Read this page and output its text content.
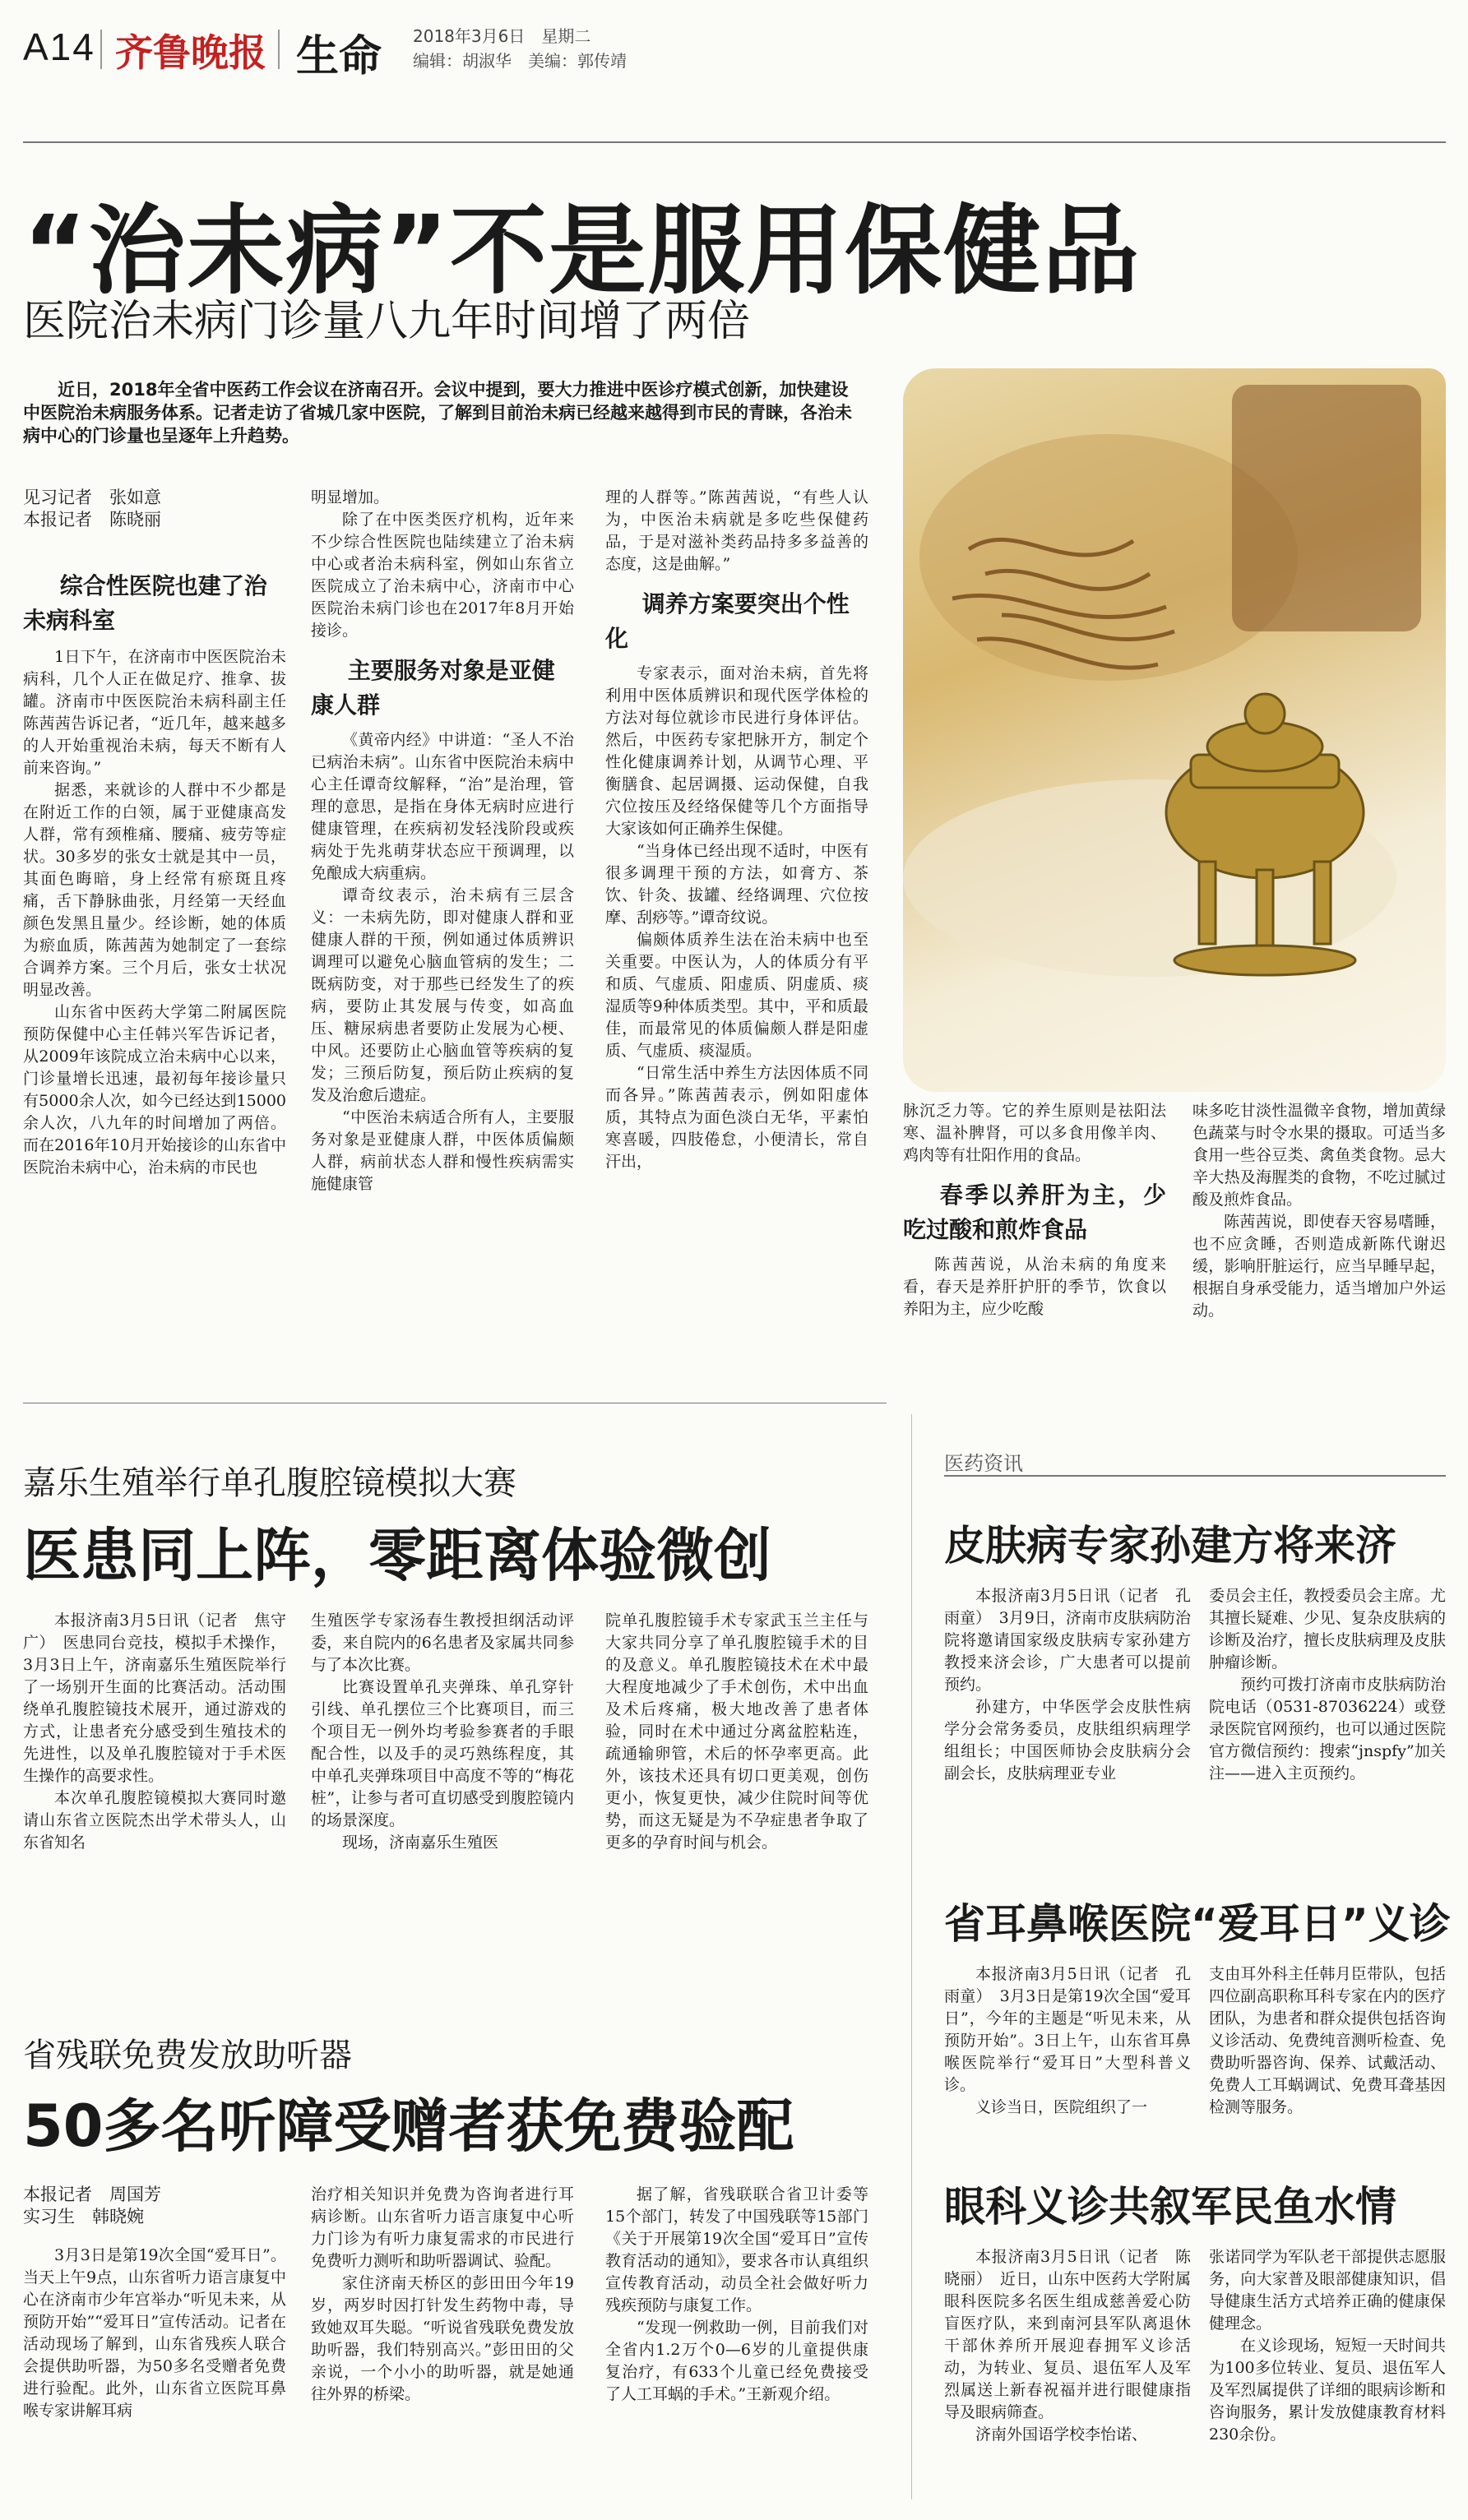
A14 齐鲁晚报 生命 2018年3月6日　星期二
编辑：胡淑华　美编：郭传靖
“治未病”不是服用保健品
医院治未病门诊量八九年时间增了两倍
近日，2018年全省中医药工作会议在济南召开。会议中提到，要大力推进中医诊疗模式创新，加快建设中医院治未病服务体系。记者走访了省城几家中医院，了解到目前治未病已经越来越得到市民的青睐，各治未病中心的门诊量也呈逐年上升趋势。
见习记者　张如意
本报记者　陈晓丽
综合性医院也建了治未病科室

1日下午，在济南市中医医院治未病科，几个人正在做足疗、推拿、拔罐。济南市中医医院治未病科副主任陈茜茜告诉记者，“近几年，越来越多的人开始重视治未病，每天不断有人前来咨询。”

据悉，来就诊的人群中不少都是在附近工作的白领，属于亚健康高发人群，常有颈椎痛、腰痛、疲劳等症状。30多岁的张女士就是其中一员，其面色晦暗，身上经常有瘀斑且疼痛，舌下静脉曲张，月经第一天经血颜色发黑且量少。经诊断，她的体质为瘀血质，陈茜茜为她制定了一套综合调养方案。三个月后，张女士状况明显改善。

山东省中医药大学第二附属医院预防保健中心主任韩兴军告诉记者，从2009年该院成立治未病中心以来，门诊量增长迅速，最初每年接诊量只有5000余人次，如今已经达到15000余人次，八九年的时间增加了两倍。而在2016年10月开始接诊的山东省中医院治未病中心，治未病的市民也

明显增加。

除了在中医类医疗机构，近年来不少综合性医院也陆续建立了治未病中心或者治未病科室，例如山东省立医院成立了治未病中心，济南市中心医院治未病门诊也在2017年8月开始接诊。

主要服务对象是亚健康人群

《黄帝内经》中讲道：“圣人不治已病治未病”。山东省中医院治未病中心主任谭奇纹解释，“治”是治理，管理的意思，是指在身体无病时应进行健康管理，在疾病初发轻浅阶段或疾病处于先兆萌芽状态应干预调理，以免酿成大病重病。

谭奇纹表示，治未病有三层含义：一未病先防，即对健康人群和亚健康人群的干预，例如通过体质辨识调理可以避免心脑血管病的发生；二既病防变，对于那些已经发生了的疾病，要防止其发展与传变，如高血压、糖尿病患者要防止发展为心梗、中风。还要防止心脑血管等疾病的复发；三预后防复，预后防止疾病的复发及治愈后遗症。

“中医治未病适合所有人，主要服务对象是亚健康人群，中医体质偏颇人群，病前状态人群和慢性疾病需实施健康管

理的人群等。”陈茜茜说，“有些人认为，中医治未病就是多吃些保健药品，于是对滋补类药品持多多益善的态度，这是曲解。”

调养方案要突出个性化

专家表示，面对治未病，首先将利用中医体质辨识和现代医学体检的方法对每位就诊市民进行身体评估。然后，中医药专家把脉开方，制定个性化健康调养计划，从调节心理、平衡膳食、起居调摄、运动保健，自我穴位按压及经络保健等几个方面指导大家该如何正确养生保健。

“当身体已经出现不适时，中医有很多调理干预的方法，如膏方、茶饮、针灸、拔罐、经络调理、穴位按摩、刮痧等。”谭奇纹说。

偏颇体质养生法在治未病中也至关重要。中医认为，人的体质分有平和质、气虚质、阳虚质、阴虚质、痰湿质等9种体质类型。其中，平和质最佳，而最常见的体质偏颇人群是阳虚质、气虚质、痰湿质。

“日常生活中养生方法因体质不同而各异。”陈茜茜表示，例如阳虚体质，其特点为面色淡白无华，平素怕寒喜暖，四肢倦怠，小便清长，常自汗出，

脉沉乏力等。它的养生原则是祛阳法寒、温补脾肾，可以多食用像羊肉、鸡肉等有壮阳作用的食品。

春季以养肝为主，少吃过酸和煎炸食品

陈茜茜说，从治未病的角度来看，春天是养肝护肝的季节，饮食以养阳为主，应少吃酸

味多吃甘淡性温微辛食物，增加黄绿色蔬菜与时令水果的摄取。可适当多食用一些谷豆类、禽鱼类食物。忌大辛大热及海腥类的食物，不吃过腻过酸及煎炸食品。

陈茜茜说，即使春天容易嗜睡，也不应贪睡，否则造成新陈代谢迟缓，影响肝脏运行，应当早睡早起，根据自身承受能力，适当增加户外运动。

嘉乐生殖举行单孔腹腔镜模拟大赛
医患同上阵，零距离体验微创

本报济南3月5日讯（记者　焦守广）　医患同台竞技，模拟手术操作，3月3日上午，济南嘉乐生殖医院举行了一场别开生面的比赛活动。活动围绕单孔腹腔镜技术展开，通过游戏的方式，让患者充分感受到生殖技术的先进性，以及单孔腹腔镜对于手术医生操作的高要求性。

本次单孔腹腔镜模拟大赛同时邀请山东省立医院杰出学术带头人，山东省知名

生殖医学专家汤春生教授担纲活动评委，来自院内的6名患者及家属共同参与了本次比赛。

比赛设置单孔夹弹珠、单孔穿针引线、单孔摆位三个比赛项目，而三个项目无一例外均考验参赛者的手眼配合性，以及手的灵巧熟练程度，其中单孔夹弹珠项目中高度不等的“梅花桩”，让参与者可直切感受到腹腔镜内的场景深度。

现场，济南嘉乐生殖医

院单孔腹腔镜手术专家武玉兰主任与大家共同分享了单孔腹腔镜手术的目的及意义。单孔腹腔镜技术在术中最大程度地减少了手术创伤，术中出血及术后疼痛，极大地改善了患者体验，同时在术中通过分离盆腔粘连，疏通输卵管，术后的怀孕率更高。此外，该技术还具有切口更美观，创伤更小，恢复更快，减少住院时间等优势，而这无疑是为不孕症患者争取了更多的孕育时间与机会。

省残联免费发放助听器
50多名听障受赠者获免费验配
本报记者　周国芳
实习生　韩晓婉

3月3日是第19次全国“爱耳日”。当天上午9点，山东省听力语言康复中心在济南市少年宫举办“听见未来，从预防开始”“爱耳日”宣传活动。记者在活动现场了解到，山东省残疾人联合会提供助听器，为50多名受赠者免费进行验配。此外，山东省立医院耳鼻喉专家讲解耳病

治疗相关知识并免费为咨询者进行耳病诊断。山东省听力语言康复中心听力门诊为有听力康复需求的市民进行免费听力测听和助听器调试、验配。

家住济南天桥区的彭田田今年19岁，两岁时因打针发生药物中毒，导致她双耳失聪。“听说省残联免费发放助听器，我们特别高兴。”彭田田的父亲说，一个小小的助听器，就是她通往外界的桥梁。

据了解，省残联联合省卫计委等15个部门，转发了中国残联等15部门《关于开展第19次全国“爱耳日”宣传教育活动的通知》，要求各市认真组织宣传教育活动，动员全社会做好听力残疾预防与康复工作。

“发现一例救助一例，目前我们对全省内1.2万个0—6岁的儿童提供康复治疗，有633个儿童已经免费接受了人工耳蜗的手术。”王新观介绍。

医药资讯
皮肤病专家孙建方将来济

本报济南3月5日讯（记者　孔雨童）　3月9日，济南市皮肤病防治院将邀请国家级皮肤病专家孙建方教授来济会诊，广大患者可以提前预约。

孙建方，中华医学会皮肤性病学分会常务委员，皮肤组织病理学组组长；中国医师协会皮肤病分会副会长，皮肤病理亚专业

委员会主任，教授委员会主席。尤其擅长疑难、少见、复杂皮肤病的诊断及治疗，擅长皮肤病理及皮肤肿瘤诊断。

预约可拨打济南市皮肤病防治院电话（0531-87036224）或登录医院官网预约，也可以通过医院官方微信预约：搜索“jnspfy”加关注——进入主页预约。

省耳鼻喉医院“爱耳日”义诊

本报济南3月5日讯（记者　孔雨童）　3月3日是第19次全国“爱耳日”，今年的主题是“听见未来，从预防开始”。3日上午，山东省耳鼻喉医院举行“爱耳日”大型科普义诊。

义诊当日，医院组织了一

支由耳外科主任韩月臣带队，包括四位副高职称耳科专家在内的医疗团队，为患者和群众提供包括咨询义诊活动、免费纯音测听检查、免费助听器咨询、保养、试戴活动、免费人工耳蜗调试、免费耳聋基因检测等服务。

眼科义诊共叙军民鱼水情

本报济南3月5日讯（记者　陈晓丽）　近日，山东中医药大学附属眼科医院多名医生组成慈善爱心防盲医疗队，来到南河县军队离退休干部休养所开展迎春拥军义诊活动，为转业、复员、退伍军人及军烈属送上新春祝福并进行眼健康指导及眼病筛查。

济南外国语学校李怡诺、

张诺同学为军队老干部提供志愿服务，向大家普及眼部健康知识，倡导健康生活方式培养正确的健康保健理念。

在义诊现场，短短一天时间共为100多位转业、复员、退伍军人及军烈属提供了详细的眼病诊断和咨询服务，累计发放健康教育材料230余份。
